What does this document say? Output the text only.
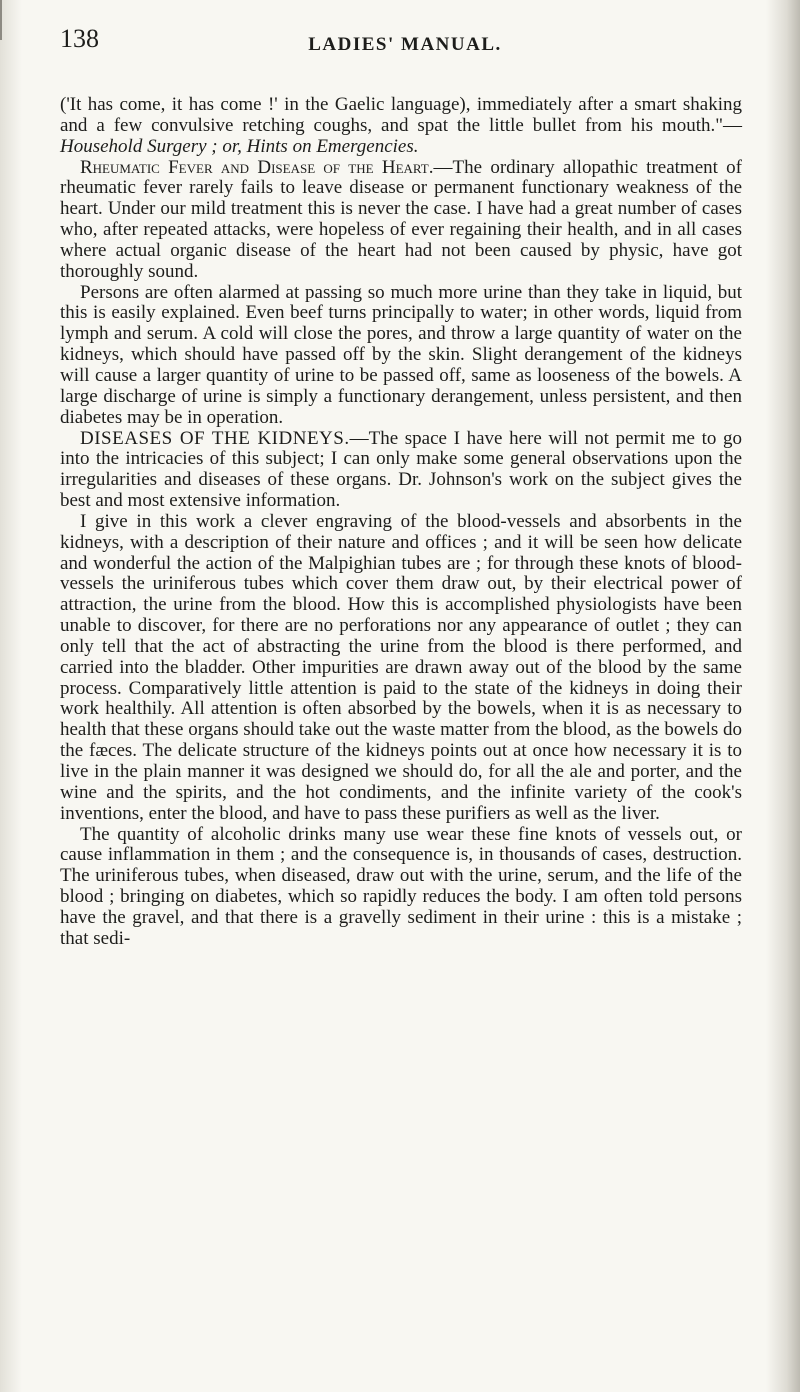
138	LADIES' MANUAL.

('It has come, it has come !' in the Gaelic language), immediately after a smart shaking and a few convulsive retching coughs, and spat the little bullet from his mouth."—Household Surgery ; or, Hints on Emergencies.

Rheumatic Fever and Disease of the Heart.—The ordinary allopathic treatment of rheumatic fever rarely fails to leave disease or permanent functionary weakness of the heart. Under our mild treatment this is never the case. I have had a great number of cases who, after repeated attacks, were hopeless of ever regaining their health, and in all cases where actual organic disease of the heart had not been caused by physic, have got thoroughly sound.

Persons are often alarmed at passing so much more urine than they take in liquid, but this is easily explained. Even beef turns principally to water; in other words, liquid from lymph and serum. A cold will close the pores, and throw a large quantity of water on the kidneys, which should have passed off by the skin. Slight derangement of the kidneys will cause a larger quantity of urine to be passed off, same as looseness of the bowels. A large discharge of urine is simply a functionary derangement, unless persistent, and then diabetes may be in operation.

DISEASES OF THE KIDNEYS.—The space I have here will not permit me to go into the intricacies of this subject; I can only make some general observations upon the irregularities and diseases of these organs. Dr. Johnson's work on the subject gives the best and most extensive information.

I give in this work a clever engraving of the blood-vessels and absorbents in the kidneys, with a description of their nature and offices ; and it will be seen how delicate and wonderful the action of the Malpighian tubes are ; for through these knots of blood-vessels the uriniferous tubes which cover them draw out, by their electrical power of attraction, the urine from the blood. How this is accomplished physiologists have been unable to discover, for there are no perforations nor any appearance of outlet ; they can only tell that the act of abstracting the urine from the blood is there performed, and carried into the bladder. Other impurities are drawn away out of the blood by the same process. Comparatively little attention is paid to the state of the kidneys in doing their work healthily. All attention is often absorbed by the bowels, when it is as necessary to health that these organs should take out the waste matter from the blood, as the bowels do the fæces. The delicate structure of the kidneys points out at once how necessary it is to live in the plain manner it was designed we should do, for all the ale and porter, and the wine and the spirits, and the hot condiments, and the infinite variety of the cook's inventions, enter the blood, and have to pass these purifiers as well as the liver.

The quantity of alcoholic drinks many use wear these fine knots of vessels out, or cause inflammation in them ; and the consequence is, in thousands of cases, destruction. The uriniferous tubes, when diseased, draw out with the urine, serum, and the life of the blood ; bringing on diabetes, which so rapidly reduces the body. I am often told persons have the gravel, and that there is a gravelly sediment in their urine : this is a mistake ; that sedi-
